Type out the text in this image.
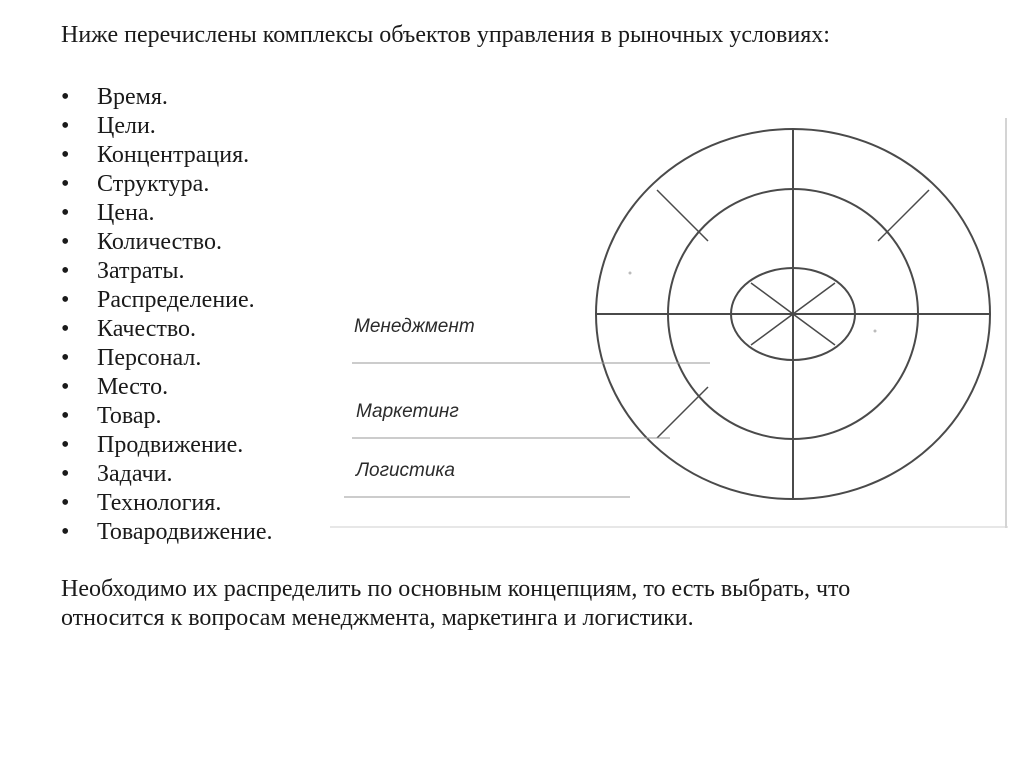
Ниже перечислены комплексы объектов управления в рыночных условиях:

• Время.
• Цели.
• Концентрация.
• Структура.
• Цена.
• Количество.
• Затраты.
• Распределение.
• Качество.
• Персонал.
• Место.
• Товар.
• Продвижение.
• Задачи.
• Технология.
• Товародвижение.
Менеджмент
Маркетинг
Логистика

Необходимо их распределить по основным концепциям, то есть выбрать, что относится к вопросам менеджмента, маркетинга и логистики.
